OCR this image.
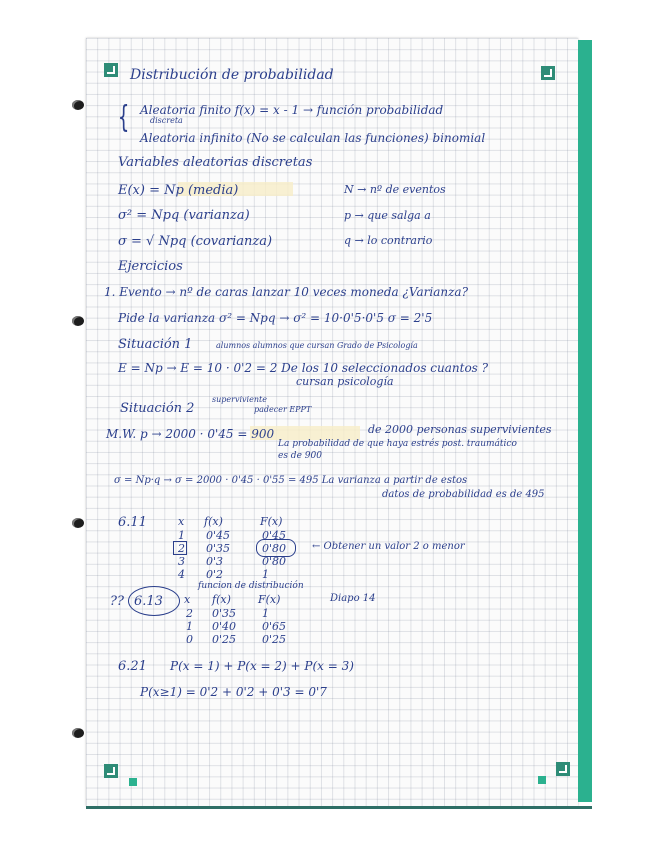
Distribución de probabilidad
{ Aleatoria finito f(x) = x - 1 → función probabilidad
discreta
Aleatoria infinito (No se calculan las funciones) binomial
Variables aleatorias discretas
E(x) = Np (media)	N → nº de eventos
σ² = Npq (varianza)	p → que salga a
σ = √ Npq (covarianza)	q → lo contrario
Ejercicios
1. Evento → nº de caras lanzar 10 veces moneda ¿Varianza?
Pide la varianza σ² = Npq → σ² = 10·0'5·0'5 σ = 2'5
Situación 1	alumnos alumnos que cursan Grado de Psicología
E = Np → E = 10 · 0'2 = 2 De los 10 seleccionados cuantos ?
cursan psicología
Situación 2
superviviente
padecer EPPT
M.W. p → 2000 · 0'45 = 900	de 2000 personas supervivientes
La probabilidad de que haya estrés post. traumático
es de 900
σ = Np·q → σ = 2000 · 0'45 · 0'55 = 495 La varianza a partir de estos
datos de probabilidad es de 495
6.11	x f(x)	F(x)
1 0'45	0'45
2 0'35	0'80
3 0'3	0'80
4 0'2	1
← Obtener un valor 2 o menor
?? 6.13
funcion de distribución
x f(x) F(x)	Diapo 14
2 0'35 1
1 0'40 0'65
0 0'25 0'25
6.21 P(x = 1) + P(x = 2) + P(x = 3)
P(x≥1) = 0'2 + 0'2 + 0'3 = 0'7
